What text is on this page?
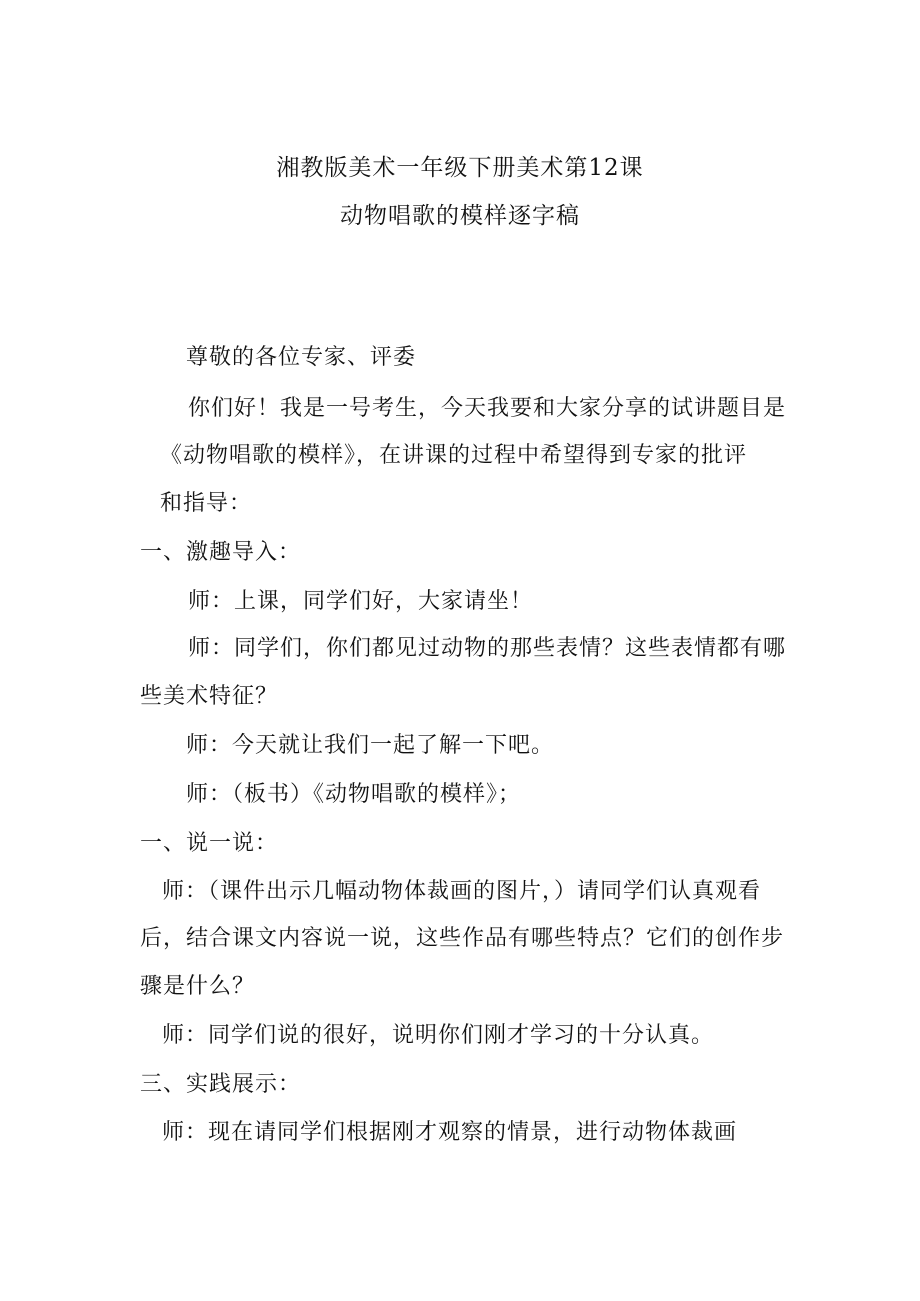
湘教版美术一年级下册美术第12课
动物唱歌的模样逐字稿
尊敬的各位专家、评委
你们好！我是一号考生，今天我要和大家分享的试讲题目是
《动物唱歌的模样》，在讲课的过程中希望得到专家的批评
和指导：
一、激趣导入：
师：上课，同学们好，大家请坐！
师：同学们，你们都见过动物的那些表情？这些表情都有哪
些美术特征？
师：今天就让我们一起了解一下吧。
师：（板书）《动物唱歌的模样》；
一、说一说：
师：（课件出示几幅动物体裁画的图片，）请同学们认真观看
后，结合课文内容说一说，这些作品有哪些特点？它们的创作步
骤是什么？
师：同学们说的很好，说明你们刚才学习的十分认真。
三、实践展示：
师：现在请同学们根据刚才观察的情景，进行动物体裁画
